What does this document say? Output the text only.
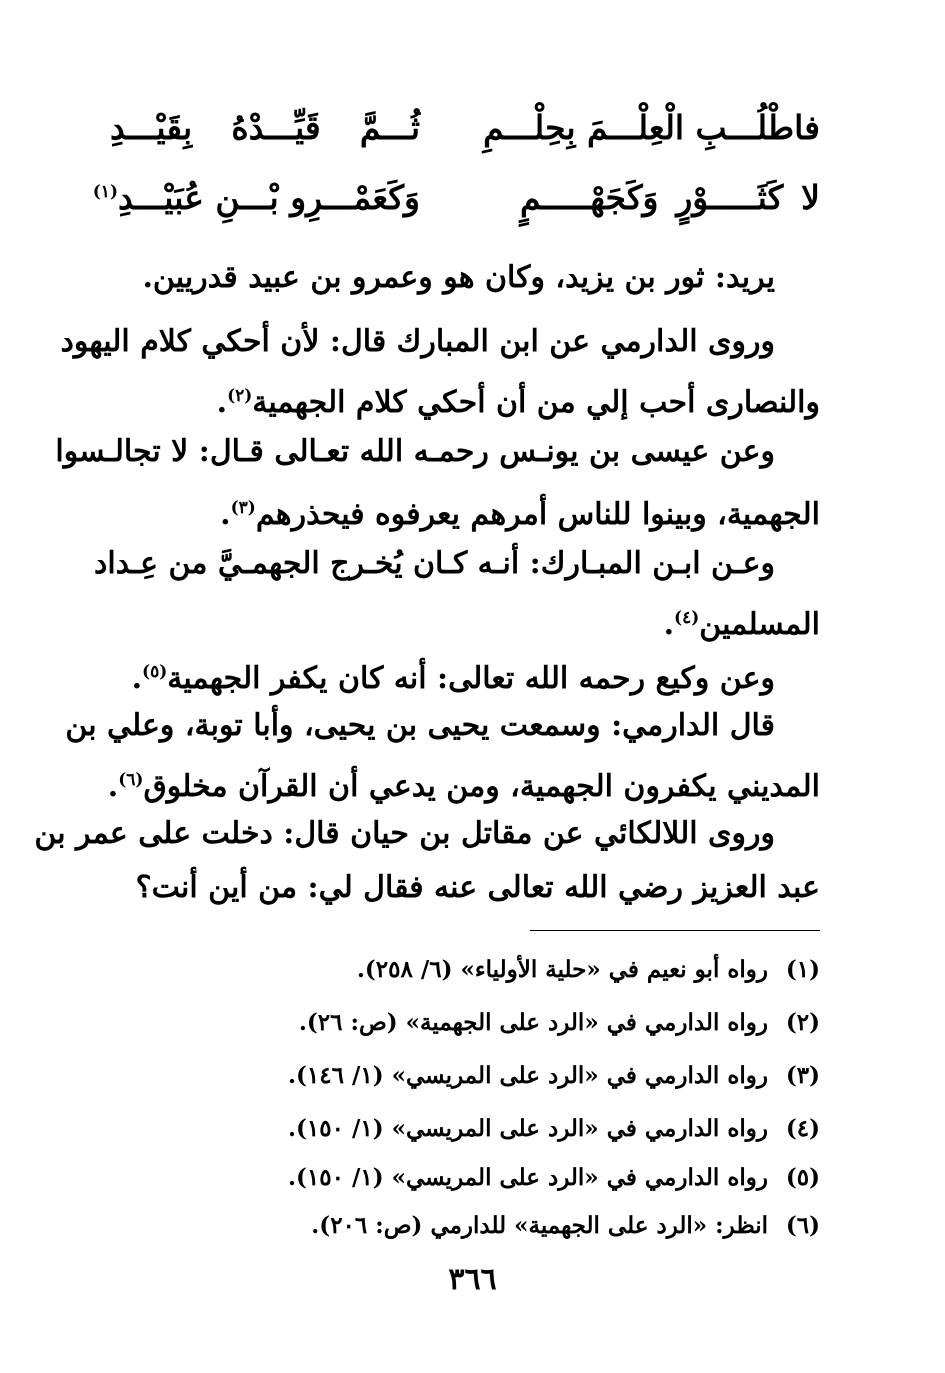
فاطْلُـــبِ الْعِلْـــمَ بِحِلْـــمِ
ثُـــمَّ قَيِّـــدْهُ بِقَيْـــدِ
لا كَثَـــــوْرٍ وَكَجَهْـــــمٍ
وَكَعَمْـــرِو بْـــنِ عُبَيْـــدِ$^{(١)}$
يريد: ثور بن يزيد، وكان هو وعمرو بن عبيد قدريين.
وروى الدارمي عن ابن المبارك قال: لأن أحكي كلام اليهود
والنصارى أحب إلي من أن أحكي كلام الجهمية$^{(٢)}$.
وعن عيسى بن يونـس رحمـه الله تعـالى قـال: لا تجالـسوا
الجهمية، وبينوا للناس أمرهم يعرفوه فيحذرهم$^{(٣)}$.
وعـن ابـن المبـارك: أنـه كـان يُخـرج الجهمـيَّ من عِـداد
المسلمين$^{(٤)}$.
وعن وكيع رحمه الله تعالى: أنه كان يكفر الجهمية$^{(٥)}$.
قال الدارمي: وسمعت يحيى بن يحيى، وأبا توبة، وعلي بن
المديني يكفرون الجهمية، ومن يدعي أن القرآن مخلوق$^{(٦)}$.
وروى اللالكائي عن مقاتل بن حيان قال: دخلت على عمر بن
عبد العزيز رضي الله تعالى عنه فقال لي: من أين أنت؟
(١)رواه أبو نعيم في «حلية الأولياء» (٦/ ٢٥٨).
(٢)رواه الدارمي في «الرد على الجهمية» (ص: ٢٦).
(٣)رواه الدارمي في «الرد على المريسي» (١/ ١٤٦).
(٤)رواه الدارمي في «الرد على المريسي» (١/ ١٥٠).
(٥)رواه الدارمي في «الرد على المريسي» (١/ ١٥٠).
(٦)انظر: «الرد على الجهمية» للدارمي (ص: ٢٠٦).
٣٦٦
